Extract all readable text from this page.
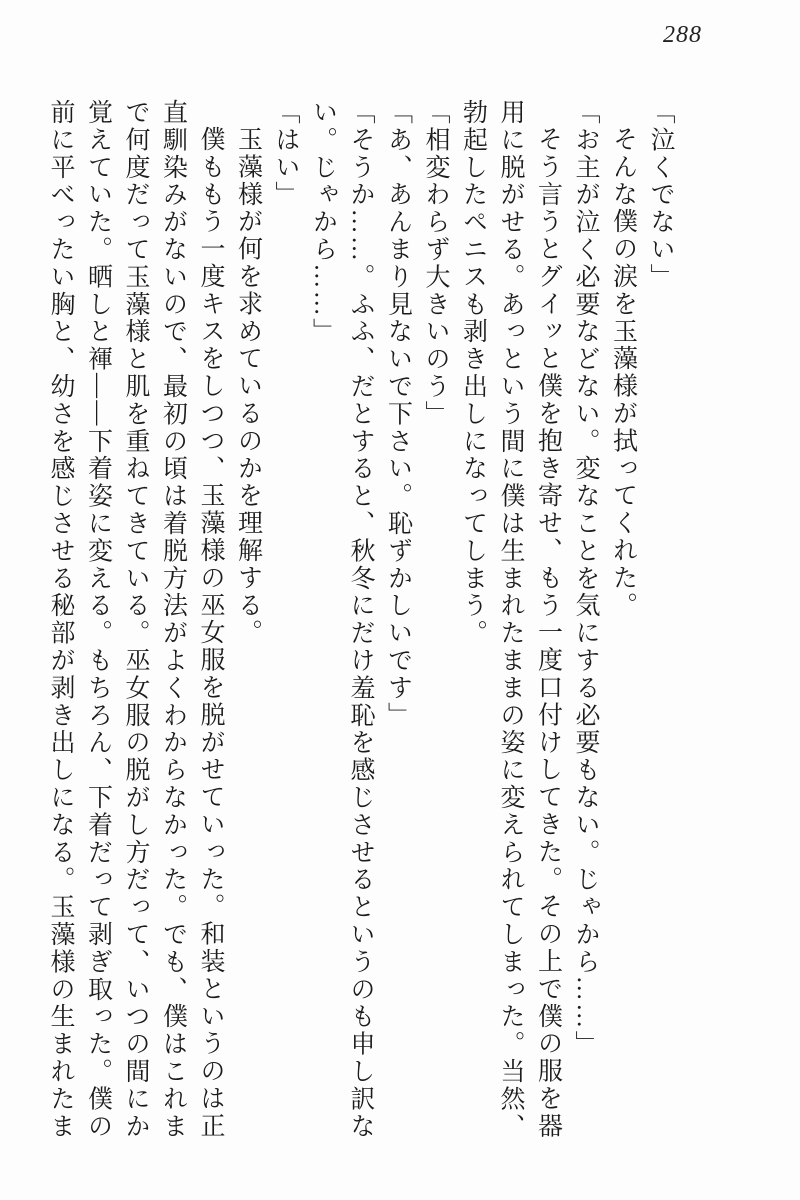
288

「泣くでない」

そんな僕の涙を玉藻様が拭ってくれた。

「お主が泣く必要などない。変なことを気にする必要もない。じゃから……」

そう言うとグイッと僕を抱き寄せ、もう一度口付けしてきた。その上で僕の服を器

用に脱がせる。あっという間に僕は生まれたままの姿に変えられてしまった。当然、

勃起したペニスも剥き出しになってしまう。

「相変わらず大きいのう」

「あ、あんまり見ないで下さい。恥ずかしいです」

「そうか……。ふふ、だとすると、秋冬にだけ羞恥を感じさせるというのも申し訳な

い。じゃから……」

「はい」

玉藻様が何を求めているのかを理解する。

僕ももう一度キスをしつつ、玉藻様の巫女服を脱がせていった。和装というのは正

直馴染みがないので、最初の頃は着脱方法がよくわからなかった。でも、僕はこれま

で何度だって玉藻様と肌を重ねてきている。巫女服の脱がし方だって、いつの間にか

覚えていた。晒しと褌――下着姿に変える。もちろん、下着だって剥ぎ取った。僕の

前に平べったい胸と、幼さを感じさせる秘部が剥き出しになる。玉藻様の生まれたま
